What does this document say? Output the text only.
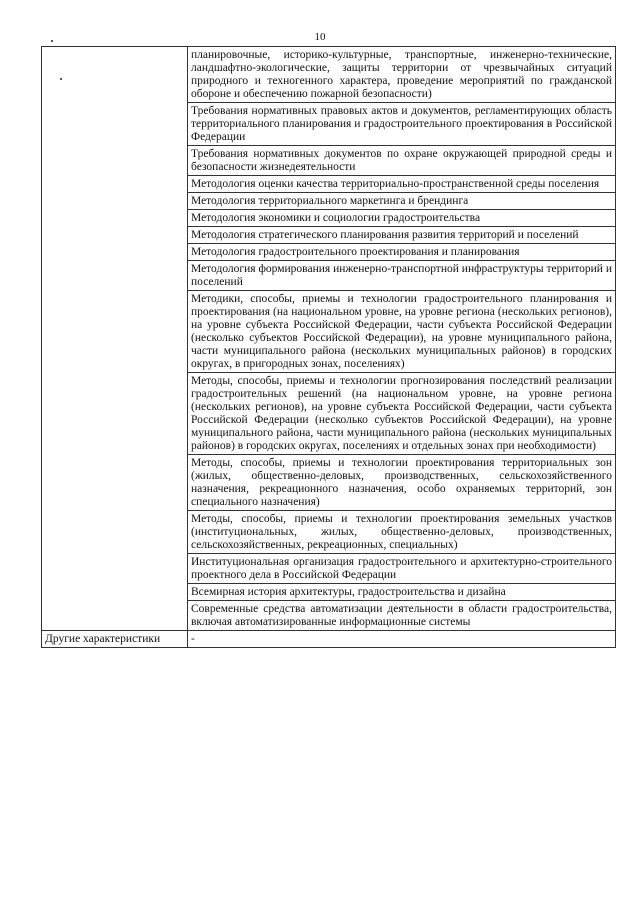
10
	планировочные, историко-культурные, транспортные, инженерно-технические, ландшафтно-экологические, защиты территории от чрезвычайных ситуаций природного и техногенного характера, проведение мероприятий по гражданской обороне и обеспечению пожарной безопасности)
	Требования нормативных правовых актов и документов, регламентирующих область территориального планирования и градостроительного проектирования в Российской Федерации
	Требования нормативных документов по охране окружающей природной среды и безопасности жизнедеятельности
	Методология оценки качества территориально-пространственной среды поселения
	Методология территориального маркетинга и брендинга
	Методология экономики и социологии градостроительства
	Методология стратегического планирования развития территорий и поселений
	Методология градостроительного проектирования и планирования
	Методология формирования инженерно-транспортной инфраструктуры территорий и поселений
	Методики, способы, приемы и технологии градостроительного планирования и проектирования (на национальном уровне, на уровне региона (нескольких регионов), на уровне субъекта Российской Федерации, части субъекта Российской Федерации (несколько субъектов Российской Федерации), на уровне муниципального района, части муниципального района (нескольких муниципальных районов) в городских округах, в пригородных зонах, поселениях)
	Методы, способы, приемы и технологии прогнозирования последствий реализации градостроительных решений (на национальном уровне, на уровне региона (нескольких регионов), на уровне субъекта Российской Федерации, части субъекта Российской Федерации (несколько субъектов Российской Федерации), на уровне муниципального района, части муниципального района (нескольких муниципальных районов) в городских округах, поселениях и отдельных зонах при необходимости)
	Методы, способы, приемы и технологии проектирования территориальных зон (жилых, общественно-деловых, производственных, сельскохозяйственного назначения, рекреационного назначения, особо охраняемых территорий, зон специального назначения)
	Методы, способы, приемы и технологии проектирования земельных участков (институциональных, жилых, общественно-деловых, производственных, сельскохозяйственных, рекреационных, специальных)
	Институциональная организация градостроительного и архитектурно-строительного проектного дела в Российской Федерации
	Всемирная история архитектуры, градостроительства и дизайна
	Современные средства автоматизации деятельности в области градостроительства, включая автоматизированные информационные системы
Другие характеристики	-
